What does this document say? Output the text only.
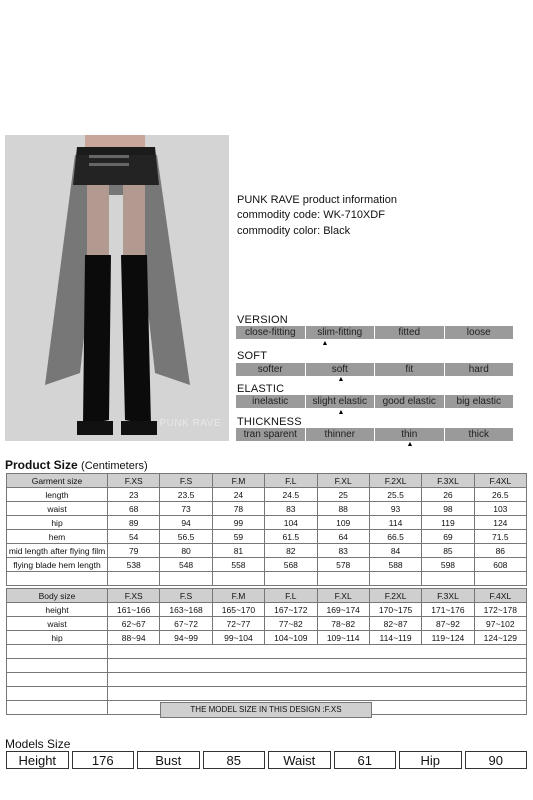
PUNK RAVE
PUNK RAVE product information
commodity code: WK-710XDF
commodity color: Black
VERSION
close-fitting	slim-fitting	fitted	loose
▲
SOFT
softer	soft	fit	hard
▲
ELASTIC
inelastic	slight elastic	good elastic	big elastic
▲
THICKNESS
tran sparent	thinner	thin	thick
▲
Product Size (Centimeters)
Garment size	F.XS	F.S	F.M	F.L	F.XL	F.2XL	F.3XL	F.4XL
length	23	23.5	24	24.5	25	25.5	26	26.5
waist	68	73	78	83	88	93	98	103
hip	89	94	99	104	109	114	119	124
hem	54	56.5	59	61.5	64	66.5	69	71.5
mid length after flying film	79	80	81	82	83	84	85	86
flying blade hem length	538	548	558	568	578	588	598	608

Body size	F.XS	F.S	F.M	F.L	F.XL	F.2XL	F.3XL	F.4XL
height	161~166	163~168	165~170	167~172	169~174	170~175	171~176	172~178
waist	62~67	67~72	72~77	77~82	78~82	82~87	87~92	97~102
hip	88~94	94~99	99~104	104~109	109~114	114~119	119~124	124~129

THE MODEL SIZE IN THIS DESIGN :F.XS
Models Size
Height	176	Bust	85	Waist	61	Hip	90
